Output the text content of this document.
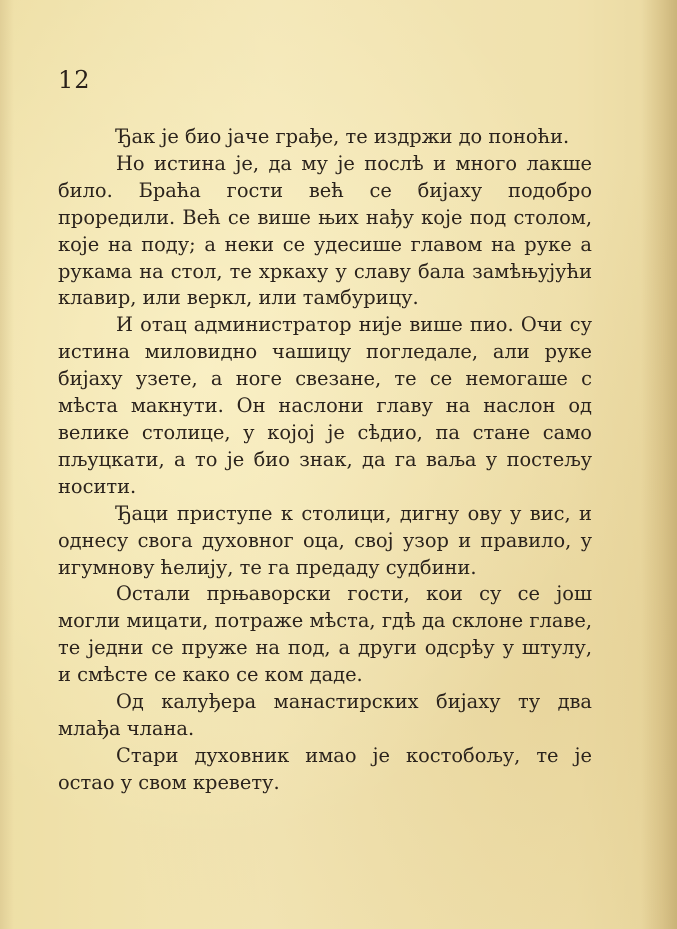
12

Ђак је био јаче грађе, те издржи до поноћи.

Но истина је, да му је послѣ и много лакше било. Браћа гости већ се бијаху подобро проредили. Већ се више њих нађу које под столом, које на поду; а неки се удесише главом на руке а рукама на стол, те хркаху у славу бала замѣњујући клавир, или веркл, или тамбурицу.

И отац администратор није више пио. Очи су истина миловидно чашицу погледале, али руке бијаху узете, а ноге свезане, те се немогаше с мѣста макнути. Он наслони главу на наслон од велике столице, у којој је сѣдио, па стане само пљуцкати, а то је био знак, да га ваља у постељу носити.

Ђаци приступе к столици, дигну ову у вис, и однесу свога духовног оца, свој узор и правило, у игумнову ћелију, те га предаду судбини.

Остали прњаворски гости, кои су се још могли мицати, потраже мѣста, гдѣ да склоне главе, те једни се пруже на под, а други одсрѣу у штулу, и смѣсте се како се ком даде.

Од калуђера манастирских бијаху ту два млађа члана.

Стари духовник имао је костобољу, те је остао у свом кревету.
